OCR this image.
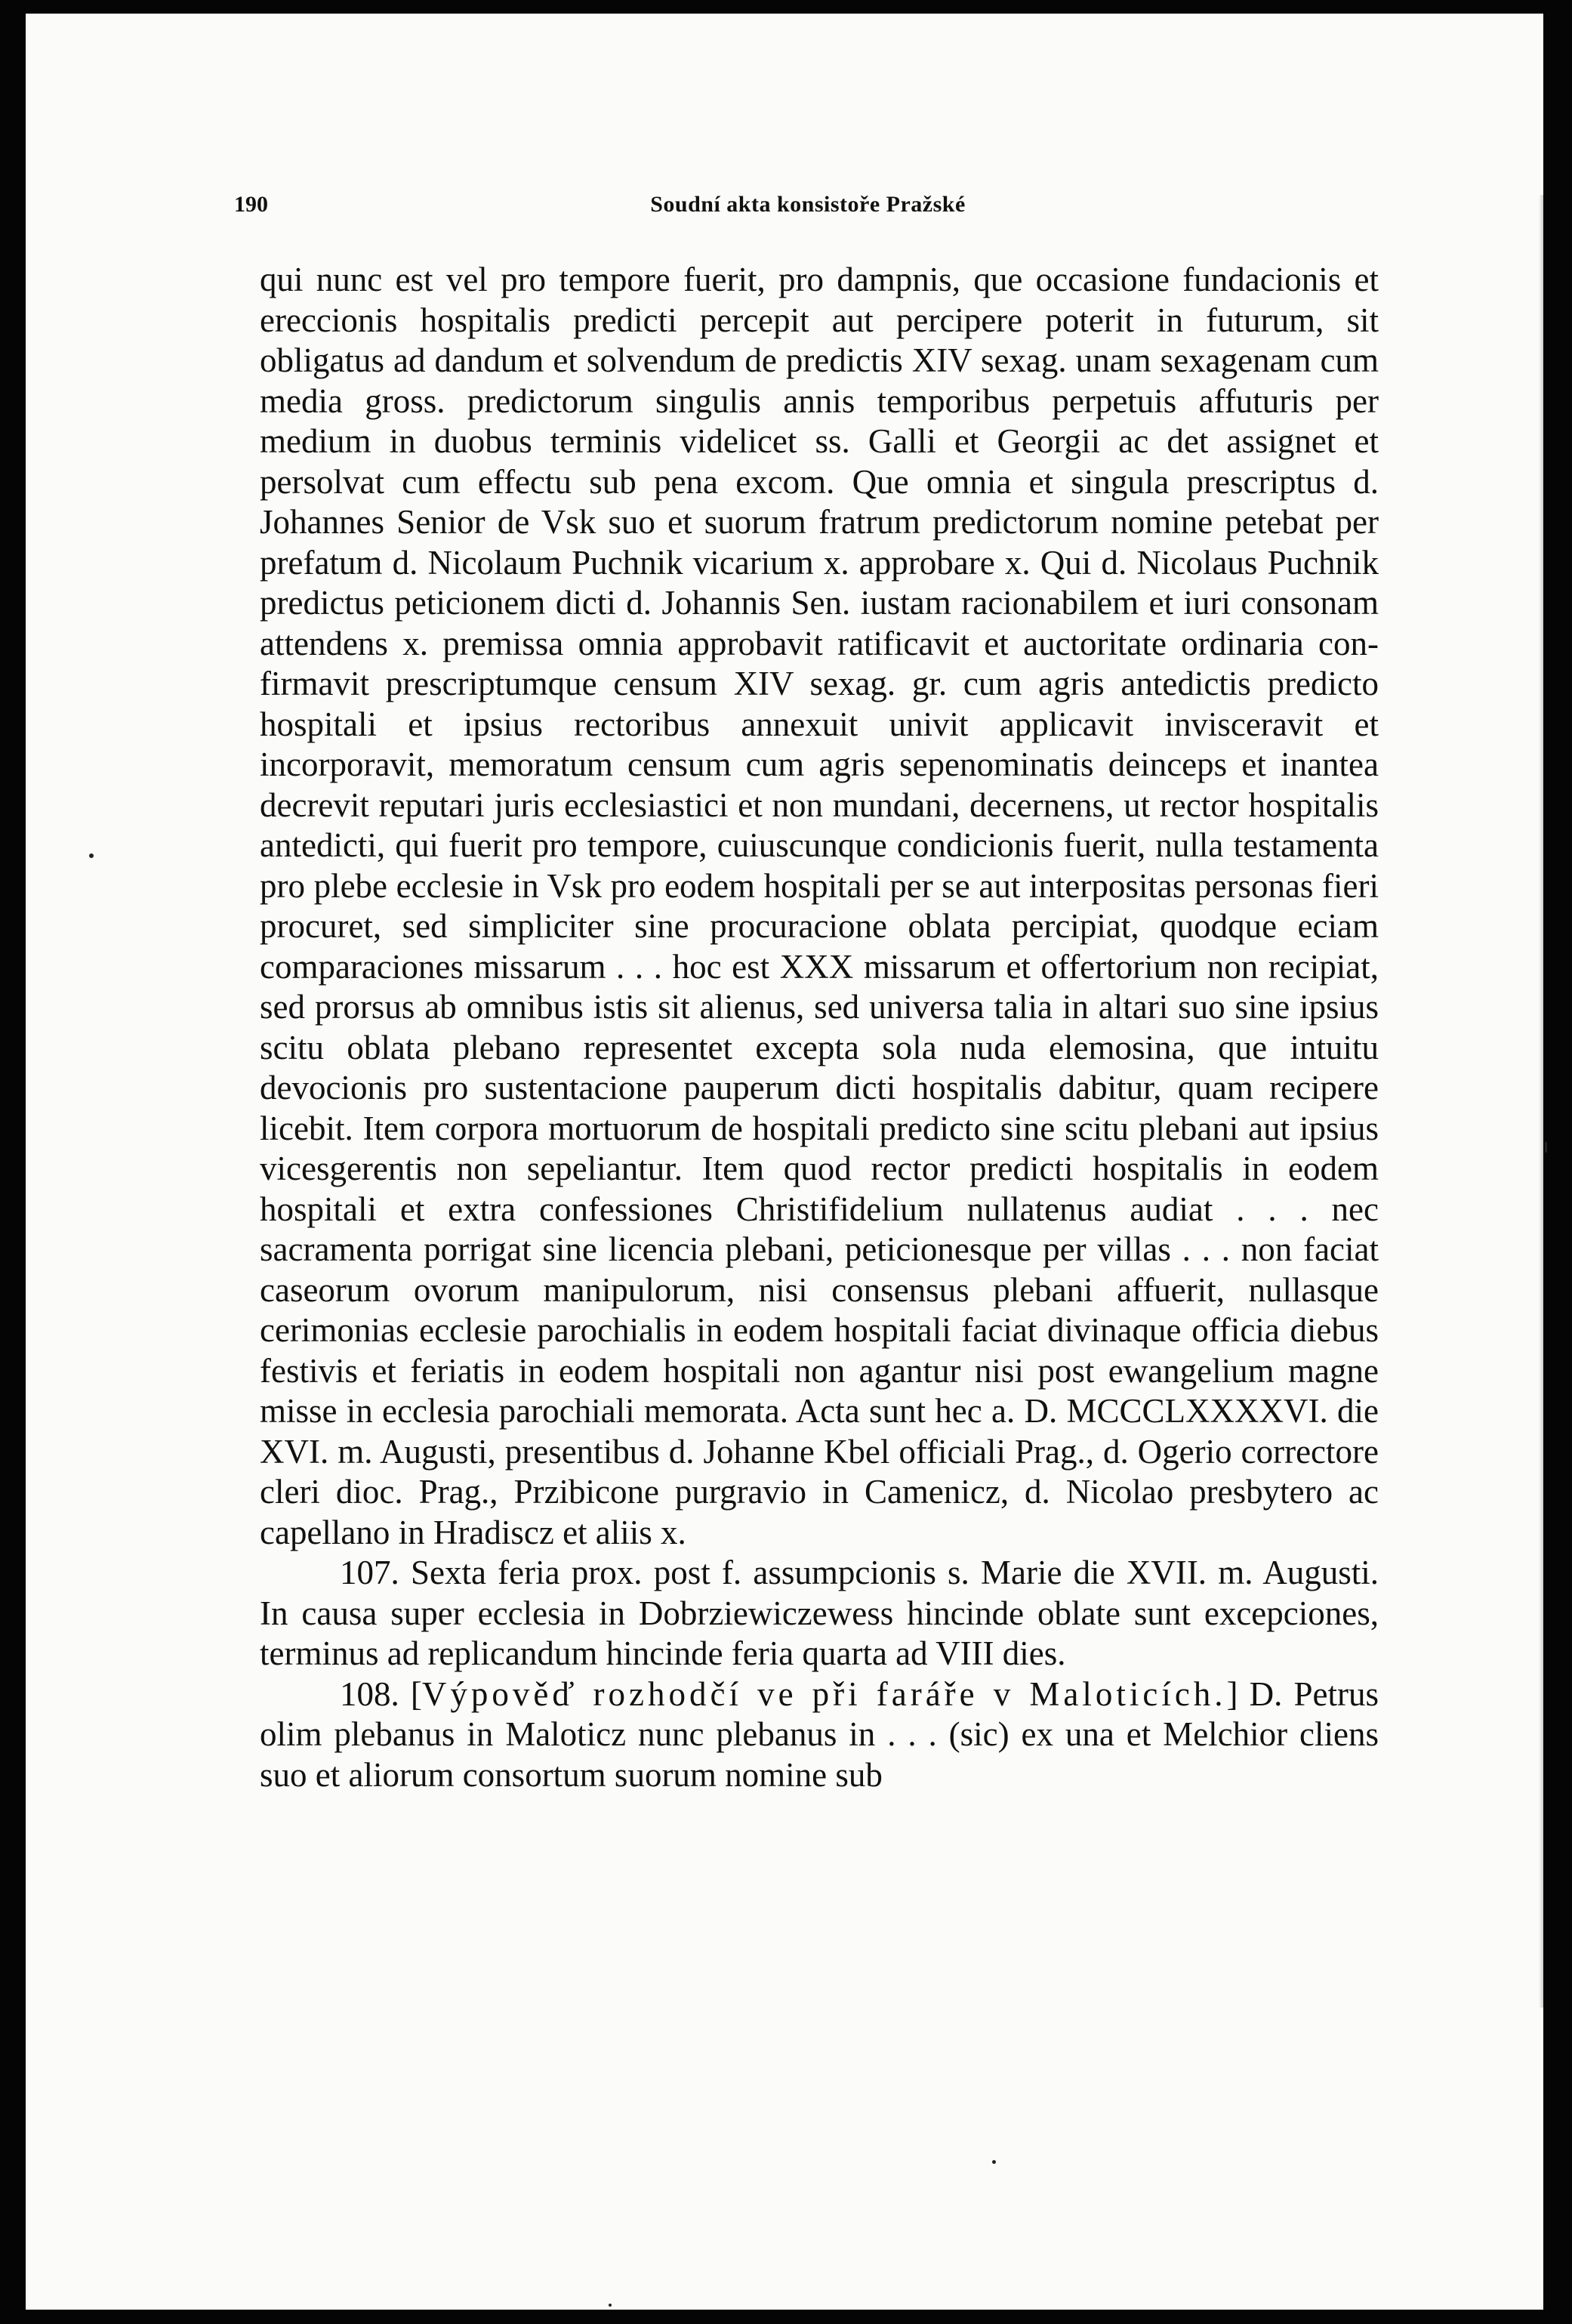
190	Soudní akta konsistoře Pražské

qui nunc est vel pro tempore fuerit, pro dampnis, que occasione fundacionis et ereccionis hospitalis predicti percepit aut percipere poterit in futurum, sit obligatus ad dandum et solvendum de predictis XIV sexag. unam sexagenam cum media gross. predictorum singulis annis temporibus perpetuis affuturis per medium in duobus terminis videlicet ss. Galli et Georgii ac det assignet et persolvat cum effectu sub pena excom. Que omnia et singula prescriptus d. Johannes Senior de Vsk suo et suorum fratrum predictorum nomine petebat per prefatum d. Nicolaum Puchnik vicarium x. approbare x. Qui d. Nicolaus Puchnik predictus peticionem dicti d. Johannis Sen. iustam racionabilem et iuri consonam attendens x. premissa omnia approbavit ratificavit et auctoritate ordinaria confirmavit prescriptumque censum XIV sexag. gr. cum agris antedictis predicto hospitali et ipsius rectoribus annexuit univit applicavit invisceravit et incorporavit, memoratum censum cum agris sepenominatis deinceps et inantea decrevit reputari juris ecclesiastici et non mundani, decernens, ut rector hospitalis antedicti, qui fuerit pro tempore, cuiuscunque condicionis fuerit, nulla testamenta pro plebe ecclesie in Vsk pro eodem hospitali per se aut interpositas personas fieri procuret, sed simpliciter sine procuracione oblata percipiat, quodque eciam comparaciones missarum . . . hoc est XXX missarum et offertorium non recipiat, sed prorsus ab omnibus istis sit alienus, sed universa talia in altari suo sine ipsius scitu oblata plebano representet excepta sola nuda elemosina, que intuitu devocionis pro sustentacione pauperum dicti hospitalis dabitur, quam recipere licebit. Item corpora mortuorum de hospitali predicto sine scitu plebani aut ipsius vicesgerentis non sepeliantur. Item quod rector predicti hospitalis in eodem hospitali et extra confessiones Christifidelium nullatenus audiat . . . nec sacramenta porrigat sine licencia plebani, peticionesque per villas . . . non faciat caseorum ovorum manipulorum, nisi consensus plebani affuerit, nullasque cerimonias ecclesie parochialis in eodem hospitali faciat divinaque officia diebus festivis et feriatis in eodem hospitali non agantur nisi post ewangelium magne misse in ecclesia parochiali memorata. Acta sunt hec a. D. MCCCLXXXXVI. die XVI. m. Augusti, presentibus d. Johanne Kbel officiali Prag., d. Ogerio correctore cleri dioc. Prag., Przibicone purgravio in Camenicz, d. Nicolao presbytero ac capellano in Hradiscz et aliis x.

107. Sexta feria prox. post f. assumpcionis s. Marie die XVII. m. Augusti. In causa super ecclesia in Dobrziewiczewess hincinde oblate sunt excepciones, terminus ad replicandum hincinde feria quarta ad VIII dies.

108. [Výpověď rozhodčí ve při faráře v Maloticích.] D. Petrus olim plebanus in Maloticz nunc plebanus in . . . (sic) ex una et Melchior cliens suo et aliorum consortum suorum nomine sub
